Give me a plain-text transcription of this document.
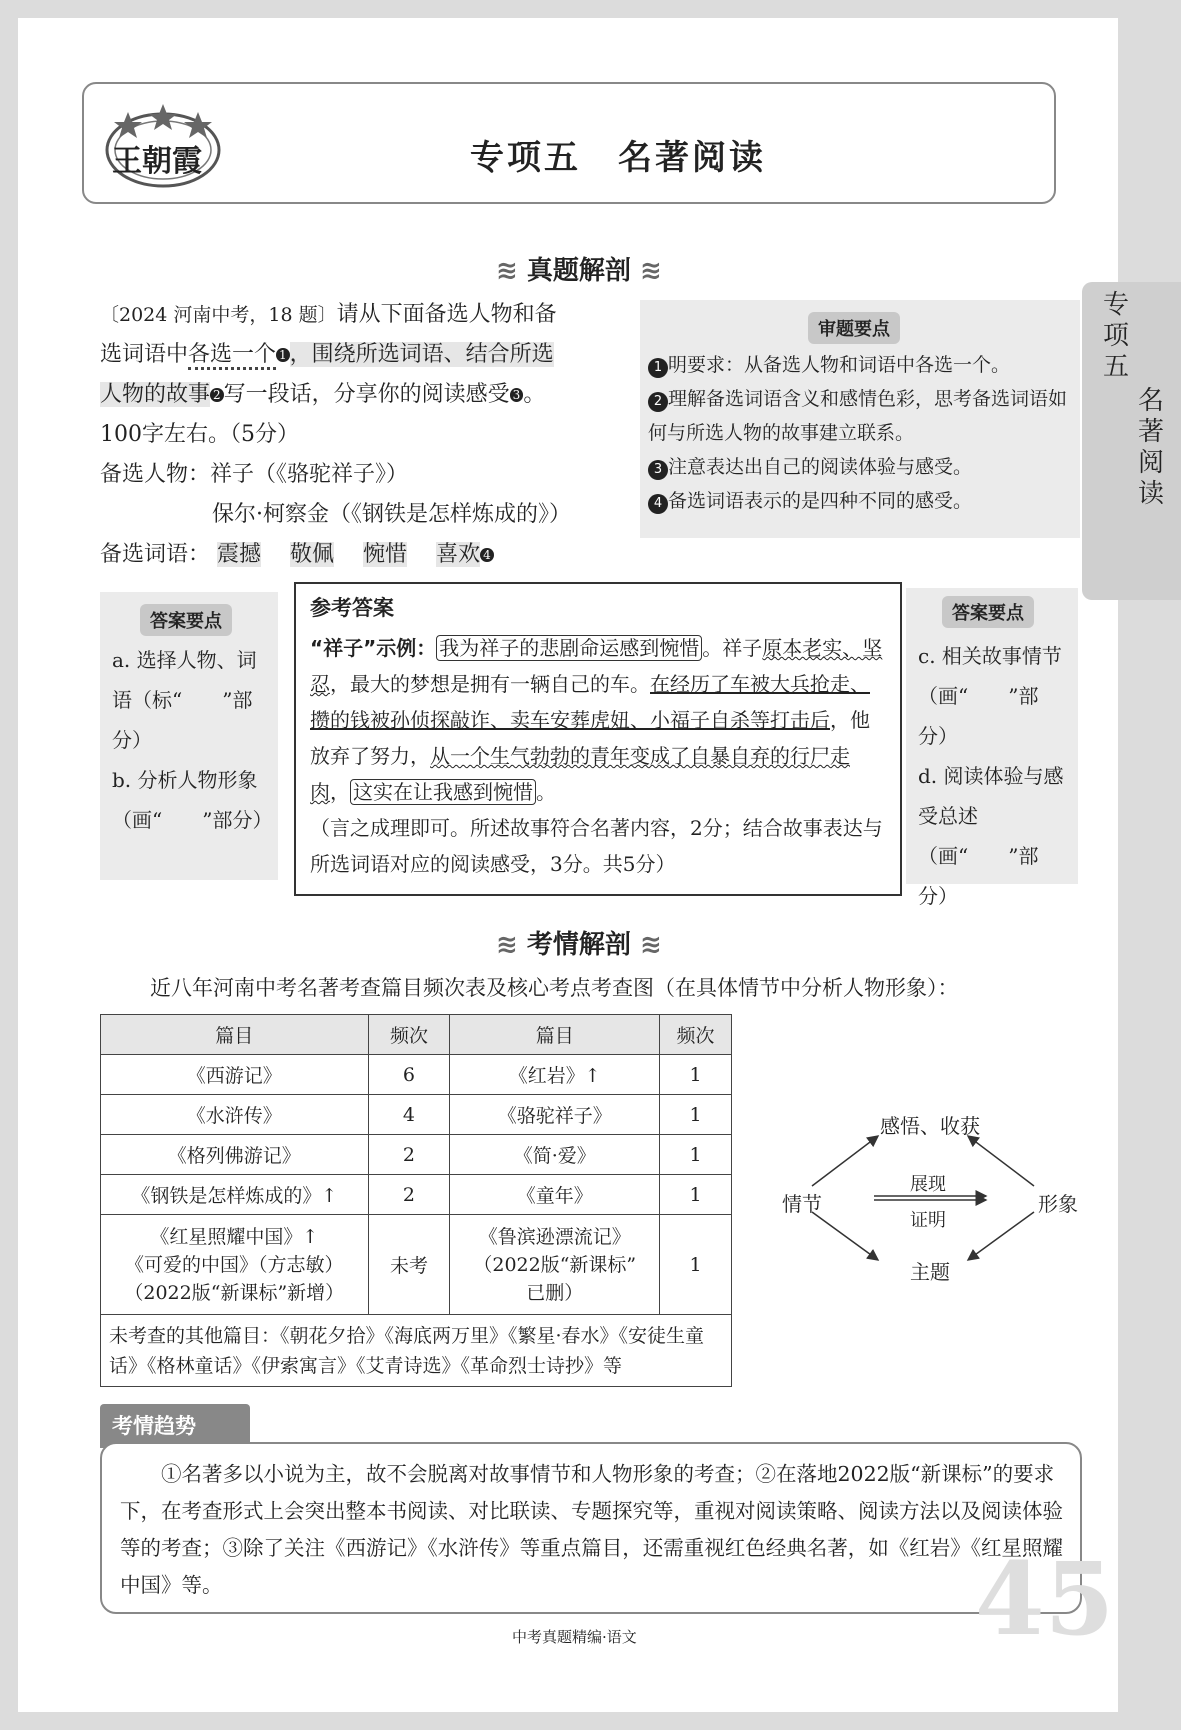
王朝霞	专项五　名著阅读
专项五
名著阅读
≋ 真题解剖 ≋
〔2024 河南中考，18 题〕请从下面备选人物和备
选词语中各选一个 $^1$ ，围绕所选词语、结合所选
人物的故事 $^2$ 写一段话，分享你的阅读感受 $^3$ 。
100字左右。（5分）
备选人物：祥子（《骆驼祥子》）
保尔·柯察金（《钢铁是怎样炼成的》）
备选词语： 震撼　 敬佩　 惋惜　 喜欢 $^4$
审题要点
1 明要求：从备选人物和词语中各选一个。
2 理解备选词语含义和感情色彩，思考备选词语如何与所选人物的故事建立联系。
3 注意表达出自己的阅读体验与感受。
4 备选词语表示的是四种不同的感受。
答案要点
a. 选择人物、词语（标“　　”部分）
b. 分析人物形象（画“　　”部分）
参考答案
“祥子”示例： 我为祥子的悲剧命运感到惋惜 。祥子原本老实、坚忍，最大的梦想是拥有一辆自己的车。在经历了车被大兵抢走、攒的钱被孙侦探敲诈、卖车安葬虎妞、小福子自杀等打击后，他放弃了努力，从一个生气勃勃的青年变成了自暴自弃的行尸走肉， 这实在让我感到惋惜 。
（言之成理即可。所述故事符合名著内容，2分；结合故事表达与所选词语对应的阅读感受，3分。共5分）
答案要点
c. 相关故事情节（画“　　”部分）
d. 阅读体验与感受总述（画“　　”部分）
≋ 考情解剖 ≋
近八年河南中考名著考查篇目频次表及核心考点考查图（在具体情节中分析人物形象）：
篇目	频次	篇目	频次
《西游记》	6	《红岩》↑	1
《水浒传》	4	《骆驼祥子》	1
《格列佛游记》	2	《简·爱》	1
《钢铁是怎样炼成的》↑	2	《童年》	1
《红星照耀中国》↑
《可爱的中国》（方志敏）
（2022版“新课标”新增）	未考	《鲁滨逊漂流记》
（2022版“新课标”
已删）	1
未考查的其他篇目：《朝花夕拾》《海底两万里》《繁星·春水》《安徒生童话》《格林童话》《伊索寓言》《艾青诗选》《革命烈士诗抄》等			
情节	形象
感悟、收获
主题
展现
证明
考情趋势
①名著多以小说为主，故不会脱离对故事情节和人物形象的考查；②在落地2022版“新课标”的要求下，在考查形式上会突出整本书阅读、对比联读、专题探究等，重视对阅读策略、阅读方法以及阅读体验等的考查；③除了关注《西游记》《水浒传》等重点篇目，还需重视红色经典名著，如《红岩》《红星照耀中国》等。	45
中考真题精编·语文
